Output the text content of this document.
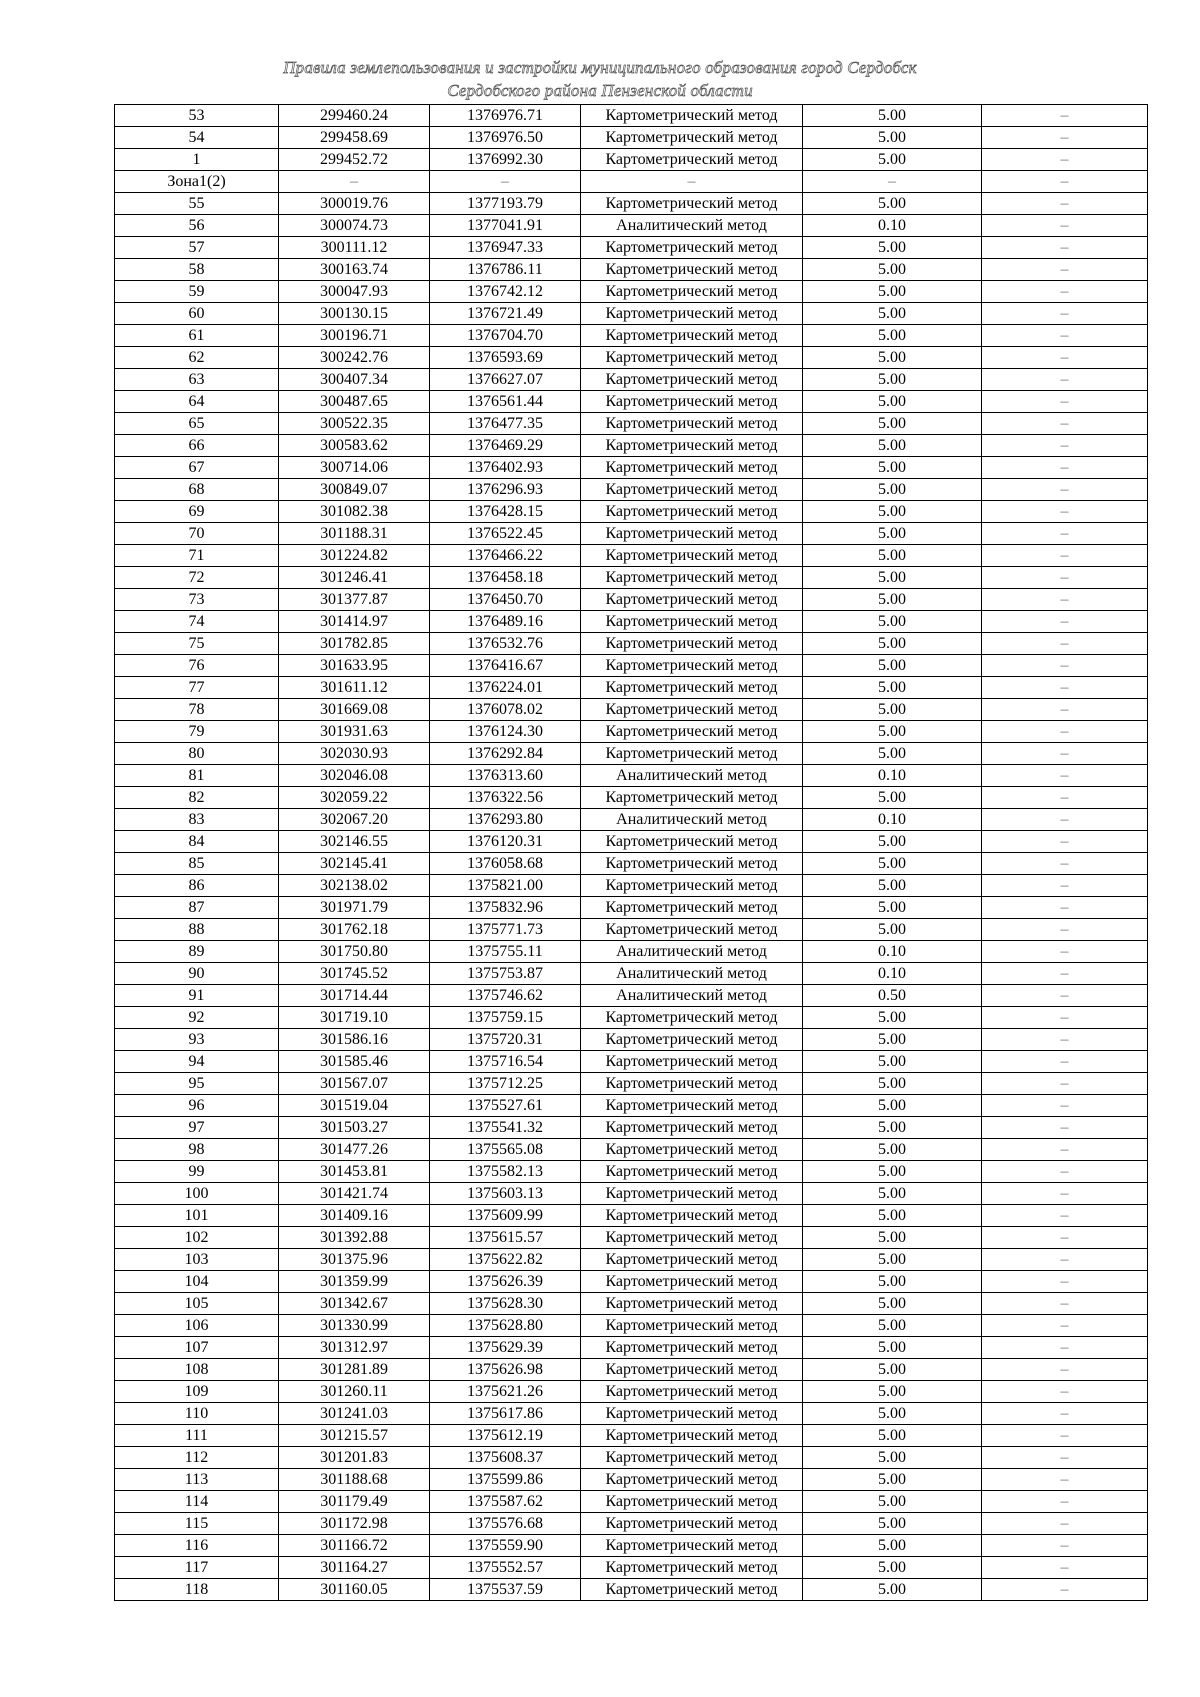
Правила землепользования и застройки муниципального образования город Сердобск
Сердобского района Пензенской области
53	299460.24	1376976.71	Картометрический метод	5.00	–
54	299458.69	1376976.50	Картометрический метод	5.00	–
1	299452.72	1376992.30	Картометрический метод	5.00	–
Зона1(2)	–	–	–	–	–
55	300019.76	1377193.79	Картометрический метод	5.00	–
56	300074.73	1377041.91	Аналитический метод	0.10	–
57	300111.12	1376947.33	Картометрический метод	5.00	–
58	300163.74	1376786.11	Картометрический метод	5.00	–
59	300047.93	1376742.12	Картометрический метод	5.00	–
60	300130.15	1376721.49	Картометрический метод	5.00	–
61	300196.71	1376704.70	Картометрический метод	5.00	–
62	300242.76	1376593.69	Картометрический метод	5.00	–
63	300407.34	1376627.07	Картометрический метод	5.00	–
64	300487.65	1376561.44	Картометрический метод	5.00	–
65	300522.35	1376477.35	Картометрический метод	5.00	–
66	300583.62	1376469.29	Картометрический метод	5.00	–
67	300714.06	1376402.93	Картометрический метод	5.00	–
68	300849.07	1376296.93	Картометрический метод	5.00	–
69	301082.38	1376428.15	Картометрический метод	5.00	–
70	301188.31	1376522.45	Картометрический метод	5.00	–
71	301224.82	1376466.22	Картометрический метод	5.00	–
72	301246.41	1376458.18	Картометрический метод	5.00	–
73	301377.87	1376450.70	Картометрический метод	5.00	–
74	301414.97	1376489.16	Картометрический метод	5.00	–
75	301782.85	1376532.76	Картометрический метод	5.00	–
76	301633.95	1376416.67	Картометрический метод	5.00	–
77	301611.12	1376224.01	Картометрический метод	5.00	–
78	301669.08	1376078.02	Картометрический метод	5.00	–
79	301931.63	1376124.30	Картометрический метод	5.00	–
80	302030.93	1376292.84	Картометрический метод	5.00	–
81	302046.08	1376313.60	Аналитический метод	0.10	–
82	302059.22	1376322.56	Картометрический метод	5.00	–
83	302067.20	1376293.80	Аналитический метод	0.10	–
84	302146.55	1376120.31	Картометрический метод	5.00	–
85	302145.41	1376058.68	Картометрический метод	5.00	–
86	302138.02	1375821.00	Картометрический метод	5.00	–
87	301971.79	1375832.96	Картометрический метод	5.00	–
88	301762.18	1375771.73	Картометрический метод	5.00	–
89	301750.80	1375755.11	Аналитический метод	0.10	–
90	301745.52	1375753.87	Аналитический метод	0.10	–
91	301714.44	1375746.62	Аналитический метод	0.50	–
92	301719.10	1375759.15	Картометрический метод	5.00	–
93	301586.16	1375720.31	Картометрический метод	5.00	–
94	301585.46	1375716.54	Картометрический метод	5.00	–
95	301567.07	1375712.25	Картометрический метод	5.00	–
96	301519.04	1375527.61	Картометрический метод	5.00	–
97	301503.27	1375541.32	Картометрический метод	5.00	–
98	301477.26	1375565.08	Картометрический метод	5.00	–
99	301453.81	1375582.13	Картометрический метод	5.00	–
100	301421.74	1375603.13	Картометрический метод	5.00	–
101	301409.16	1375609.99	Картометрический метод	5.00	–
102	301392.88	1375615.57	Картометрический метод	5.00	–
103	301375.96	1375622.82	Картометрический метод	5.00	–
104	301359.99	1375626.39	Картометрический метод	5.00	–
105	301342.67	1375628.30	Картометрический метод	5.00	–
106	301330.99	1375628.80	Картометрический метод	5.00	–
107	301312.97	1375629.39	Картометрический метод	5.00	–
108	301281.89	1375626.98	Картометрический метод	5.00	–
109	301260.11	1375621.26	Картометрический метод	5.00	–
110	301241.03	1375617.86	Картометрический метод	5.00	–
111	301215.57	1375612.19	Картометрический метод	5.00	–
112	301201.83	1375608.37	Картометрический метод	5.00	–
113	301188.68	1375599.86	Картометрический метод	5.00	–
114	301179.49	1375587.62	Картометрический метод	5.00	–
115	301172.98	1375576.68	Картометрический метод	5.00	–
116	301166.72	1375559.90	Картометрический метод	5.00	–
117	301164.27	1375552.57	Картометрический метод	5.00	–
118	301160.05	1375537.59	Картометрический метод	5.00	–
